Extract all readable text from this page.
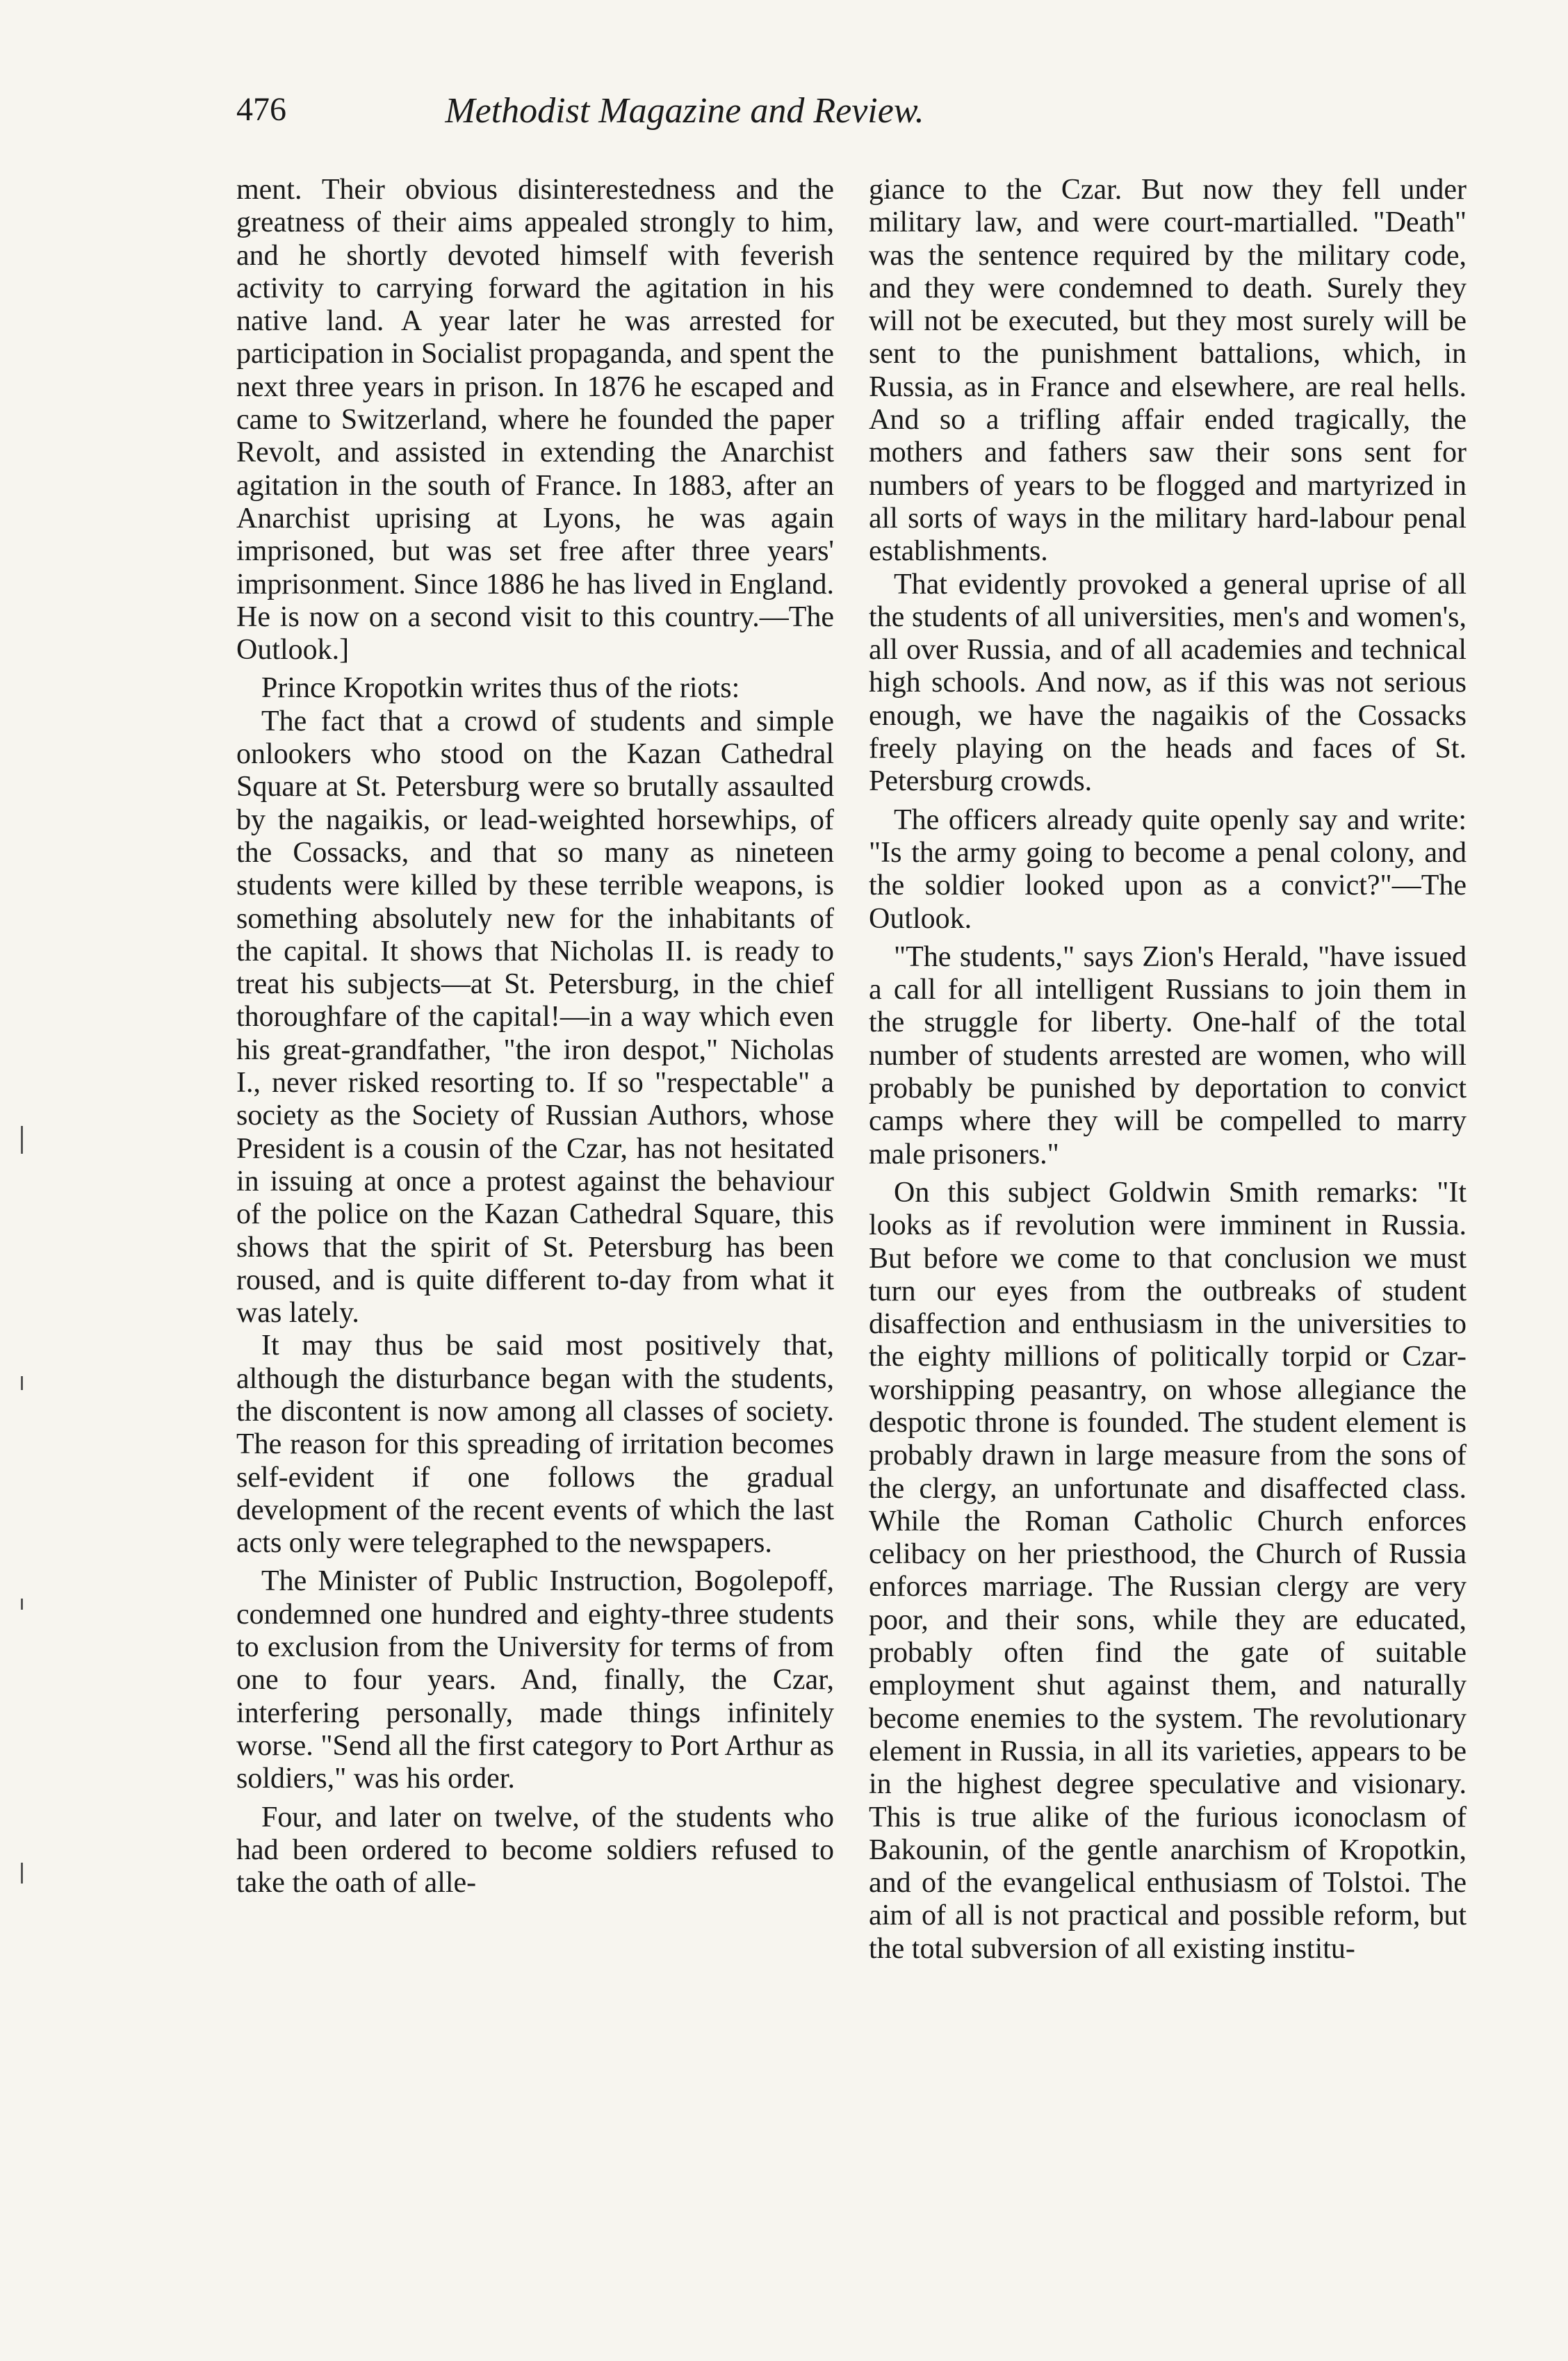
476	Methodist Magazine and Review.

ment. Their obvious disinterestedness and the greatness of their aims appealed strongly to him, and he shortly devoted himself with feverish activity to carrying forward the agitation in his native land. A year later he was arrested for participation in Socialist propaganda, and spent the next three years in prison. In 1876 he escaped and came to Switzerland, where he founded the paper Revolt, and assisted in extending the Anarchist agitation in the south of France. In 1883, after an Anarchist uprising at Lyons, he was again imprisoned, but was set free after three years' imprisonment. Since 1886 he has lived in England. He is now on a second visit to this country.—The Outlook.]

Prince Kropotkin writes thus of the riots:

The fact that a crowd of students and simple onlookers who stood on the Kazan Cathedral Square at St. Petersburg were so brutally assaulted by the nagaikis, or lead-weighted horsewhips, of the Cossacks, and that so many as nineteen students were killed by these terrible weapons, is something absolutely new for the inhabitants of the capital. It shows that Nicholas II. is ready to treat his subjects—at St. Petersburg, in the chief thoroughfare of the capital!—in a way which even his great-grandfather, "the iron despot," Nicholas I., never risked resorting to. If so "respectable" a society as the Society of Russian Authors, whose President is a cousin of the Czar, has not hesitated in issuing at once a protest against the behaviour of the police on the Kazan Cathedral Square, this shows that the spirit of St. Petersburg has been roused, and is quite different to-day from what it was lately.

It may thus be said most positively that, although the disturbance began with the students, the discontent is now among all classes of society. The reason for this spreading of irritation becomes self-evident if one follows the gradual development of the recent events of which the last acts only were telegraphed to the newspapers.

The Minister of Public Instruction, Bogolepoff, condemned one hundred and eighty-three students to exclusion from the University for terms of from one to four years. And, finally, the Czar, interfering personally, made things infinitely worse. "Send all the first category to Port Arthur as soldiers," was his order.

Four, and later on twelve, of the students who had been ordered to become soldiers refused to take the oath of alle-

giance to the Czar. But now they fell under military law, and were court-martialled. "Death" was the sentence required by the military code, and they were condemned to death. Surely they will not be executed, but they most surely will be sent to the punishment battalions, which, in Russia, as in France and elsewhere, are real hells. And so a trifling affair ended tragically, the mothers and fathers saw their sons sent for numbers of years to be flogged and martyrized in all sorts of ways in the military hard-labour penal establishments.

That evidently provoked a general uprise of all the students of all universities, men's and women's, all over Russia, and of all academies and technical high schools. And now, as if this was not serious enough, we have the nagaikis of the Cossacks freely playing on the heads and faces of St. Petersburg crowds.

The officers already quite openly say and write: "Is the army going to become a penal colony, and the soldier looked upon as a convict?"—The Outlook.

"The students," says Zion's Herald, "have issued a call for all intelligent Russians to join them in the struggle for liberty. One-half of the total number of students arrested are women, who will probably be punished by deportation to convict camps where they will be compelled to marry male prisoners."

On this subject Goldwin Smith remarks: "It looks as if revolution were imminent in Russia. But before we come to that conclusion we must turn our eyes from the outbreaks of student disaffection and enthusiasm in the universities to the eighty millions of politically torpid or Czar-worshipping peasantry, on whose allegiance the despotic throne is founded. The student element is probably drawn in large measure from the sons of the clergy, an unfortunate and disaffected class. While the Roman Catholic Church enforces celibacy on her priesthood, the Church of Russia enforces marriage. The Russian clergy are very poor, and their sons, while they are educated, probably often find the gate of suitable employment shut against them, and naturally become enemies to the system. The revolutionary element in Russia, in all its varieties, appears to be in the highest degree speculative and visionary. This is true alike of the furious iconoclasm of Bakounin, of the gentle anarchism of Kropotkin, and of the evangelical enthusiasm of Tolstoi. The aim of all is not practical and possible reform, but the total subversion of all existing institu-
